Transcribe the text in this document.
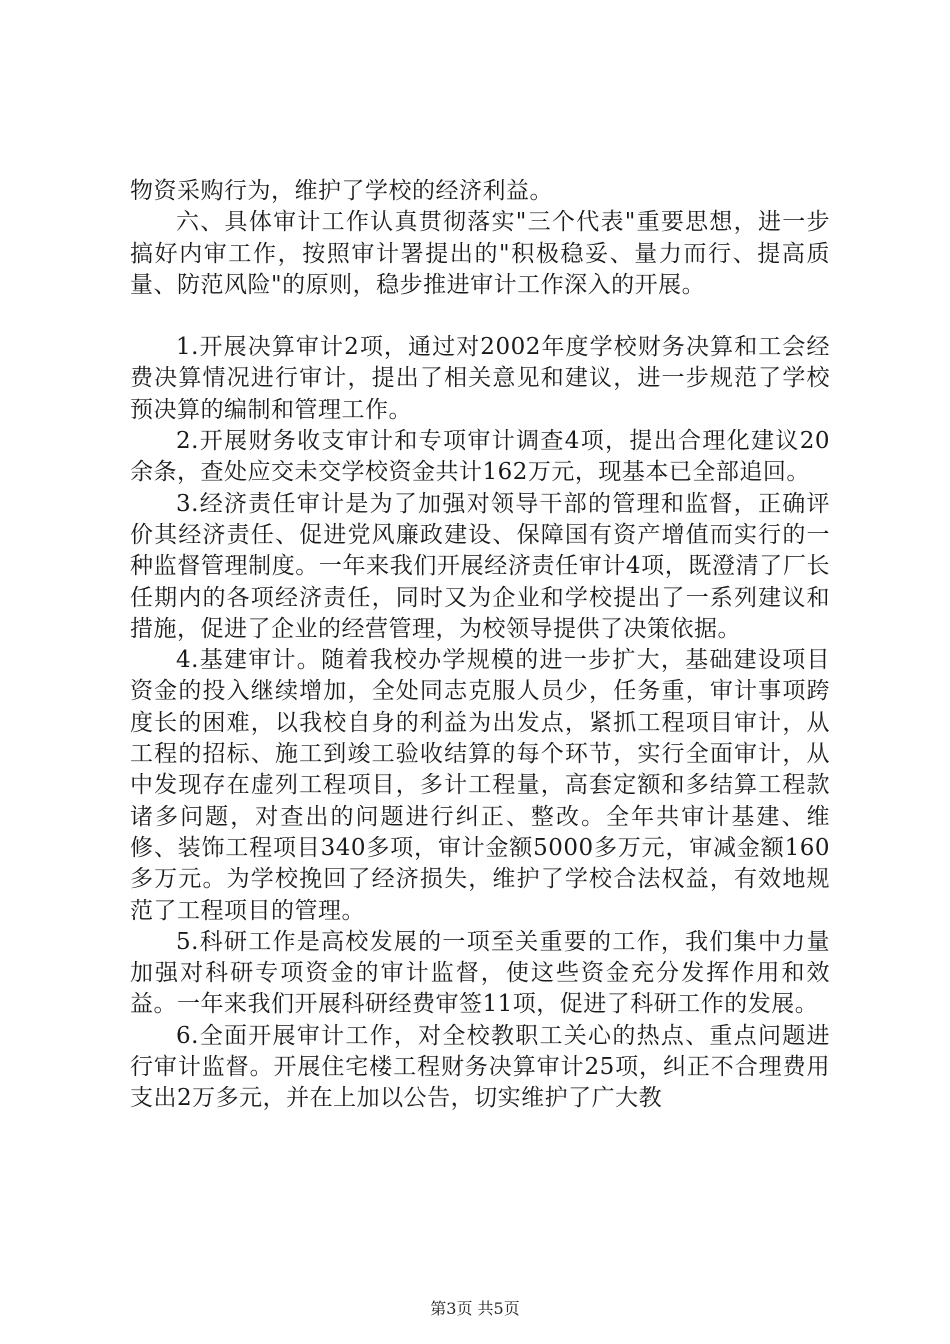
物资采购行为，维护了学校的经济利益。

六、具体审计工作认真贯彻落实"三个代表"重要思想，进一步搞好内审工作，按照审计署提出的"积极稳妥、量力而行、提高质量、防范风险"的原则，稳步推进审计工作深入的开展。

1.开展决算审计2项，通过对2002年度学校财务决算和工会经费决算情况进行审计，提出了相关意见和建议，进一步规范了学校预决算的编制和管理工作。

2.开展财务收支审计和专项审计调查4项，提出合理化建议20余条，查处应交未交学校资金共计162万元，现基本已全部追回。

3.经济责任审计是为了加强对领导干部的管理和监督，正确评价其经济责任、促进党风廉政建设、保障国有资产增值而实行的一种监督管理制度。一年来我们开展经济责任审计4项，既澄清了厂长任期内的各项经济责任，同时又为企业和学校提出了一系列建议和措施，促进了企业的经营管理，为校领导提供了决策依据。

4.基建审计。随着我校办学规模的进一步扩大，基础建设项目资金的投入继续增加，全处同志克服人员少，任务重，审计事项跨度长的困难，以我校自身的利益为出发点，紧抓工程项目审计，从工程的招标、施工到竣工验收结算的每个环节，实行全面审计，从中发现存在虚列工程项目，多计工程量，高套定额和多结算工程款诸多问题，对查出的问题进行纠正、整改。全年共审计基建、维修、装饰工程项目340多项，审计金额5000多万元，审减金额160多万元。为学校挽回了经济损失，维护了学校合法权益，有效地规范了工程项目的管理。

5.科研工作是高校发展的一项至关重要的工作，我们集中力量加强对科研专项资金的审计监督，使这些资金充分发挥作用和效益。一年来我们开展科研经费审签11项，促进了科研工作的发展。

6.全面开展审计工作，对全校教职工关心的热点、重点问题进行审计监督。开展住宅楼工程财务决算审计25项，纠正不合理费用支出2万多元，并在上加以公告，切实维护了广大教

第3页 共5页
